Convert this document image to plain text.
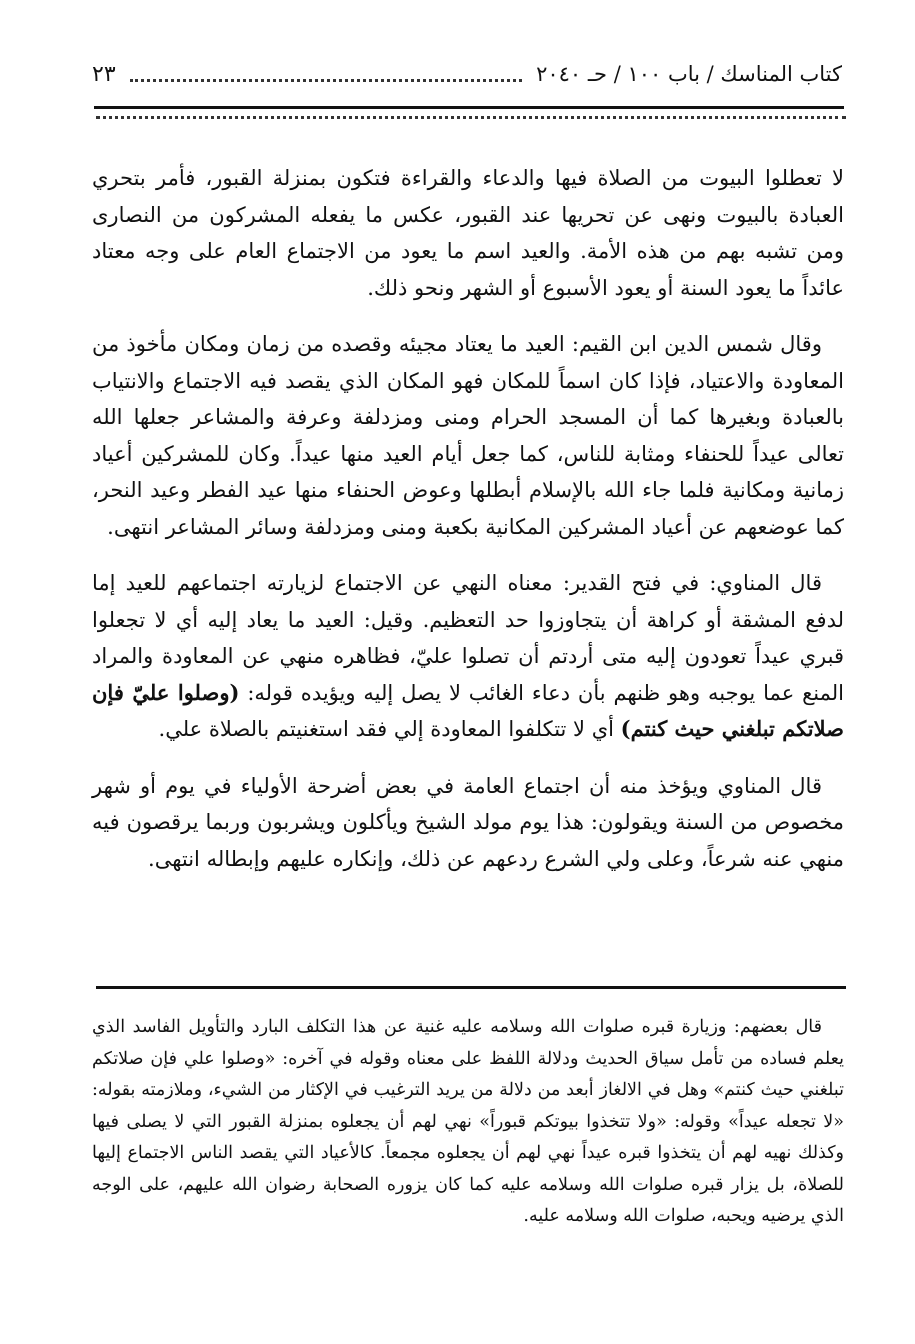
كتاب المناسك / باب ١٠٠ / حـ ٢٠٤٠
٢٣

لا تعطلوا البيوت من الصلاة فيها والدعاء والقراءة فتكون بمنزلة القبور، فأمر بتحري العبادة بالبيوت ونهى عن تحريها عند القبور، عكس ما يفعله المشركون من النصارى ومن تشبه بهم من هذه الأمة. والعيد اسم ما يعود من الاجتماع العام على وجه معتاد عائداً ما يعود السنة أو يعود الأسبوع أو الشهر ونحو ذلك.

وقال شمس الدين ابن القيم: العيد ما يعتاد مجيئه وقصده من زمان ومكان مأخوذ من المعاودة والاعتياد، فإذا كان اسماً للمكان فهو المكان الذي يقصد فيه الاجتماع والانتياب بالعبادة وبغيرها كما أن المسجد الحرام ومنى ومزدلفة وعرفة والمشاعر جعلها الله تعالى عيداً للحنفاء ومثابة للناس، كما جعل أيام العيد منها عيداً. وكان للمشركين أعياد زمانية ومكانية فلما جاء الله بالإسلام أبطلها وعوض الحنفاء منها عيد الفطر وعيد النحر، كما عوضعهم عن أعياد المشركين المكانية بكعبة ومنى ومزدلفة وسائر المشاعر انتهى.

قال المناوي: في فتح القدير: معناه النهي عن الاجتماع لزيارته اجتماعهم للعيد إما لدفع المشقة أو كراهة أن يتجاوزوا حد التعظيم. وقيل: العيد ما يعاد إليه أي لا تجعلوا قبري عيداً تعودون إليه متى أردتم أن تصلوا عليّ، فظاهره منهي عن المعاودة والمراد المنع عما يوجبه وهو ظنهم بأن دعاء الغائب لا يصل إليه ويؤيده قوله: (وصلوا عليّ فإن صلاتكم تبلغني حيث كنتم) أي لا تتكلفوا المعاودة إلي فقد استغنيتم بالصلاة علي.

قال المناوي ويؤخذ منه أن اجتماع العامة في بعض أضرحة الأولياء في يوم أو شهر مخصوص من السنة ويقولون: هذا يوم مولد الشيخ ويأكلون ويشربون وربما يرقصون فيه منهي عنه شرعاً، وعلى ولي الشرع ردعهم عن ذلك، وإنكاره عليهم وإبطاله انتهى.

قال بعضهم: وزيارة قبره صلوات الله وسلامه عليه غنية عن هذا التكلف البارد والتأويل الفاسد الذي يعلم فساده من تأمل سياق الحديث ودلالة اللفظ على معناه وقوله في آخره: «وصلوا علي فإن صلاتكم تبلغني حيث كنتم» وهل في الالغاز أبعد من دلالة من يريد الترغيب في الإكثار من الشيء، وملازمته بقوله: «لا تجعله عيداً» وقوله: «ولا تتخذوا بيوتكم قبوراً» نهي لهم أن يجعلوه بمنزلة القبور التي لا يصلى فيها وكذلك نهيه لهم أن يتخذوا قبره عيداً نهي لهم أن يجعلوه مجمعاً. كالأعياد التي يقصد الناس الاجتماع إليها للصلاة، بل يزار قبره صلوات الله وسلامه عليه كما كان يزوره الصحابة رضوان الله عليهم، على الوجه الذي يرضيه ويحبه، صلوات الله وسلامه عليه.
